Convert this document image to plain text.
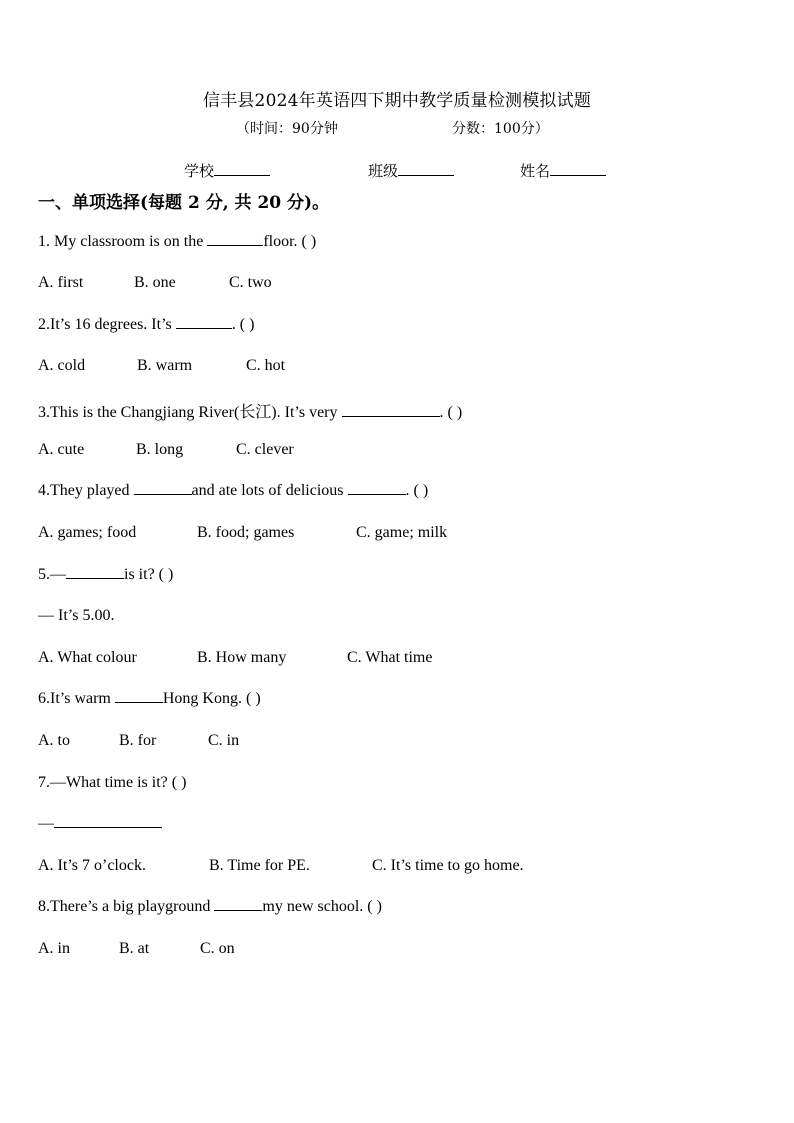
信丰县2024年英语四下期中教学质量检测模拟试题
（时间：90分钟	分数：100分）
学校	班级	姓名
一、单项选择(每题 2 分, 共 20 分)。
1. My classroom is on the	floor. ( )
A. first	B. one	C. two
2.It’s 16 degrees. It’s	. ( )
A. cold	B. warm	C. hot
3.This is the Changjiang River(长江). It’s very	. ( )
A. cute	B. long	C. clever
4.They played	and ate lots of delicious	. ( )
A. games; food	B. food; games	C. game; milk
5.—	is it? ( )
— It’s 5.00.
A. What colour	B. How many	C. What time
6.It’s warm	Hong Kong. ( )
A. to	B. for	C. in
7.—What time is it? ( )
—
A. It’s 7 o’clock.	B. Time for PE.	C. It’s time to go home.
8.There’s a big playground	my new school. ( )
A. in	B. at	C. on
